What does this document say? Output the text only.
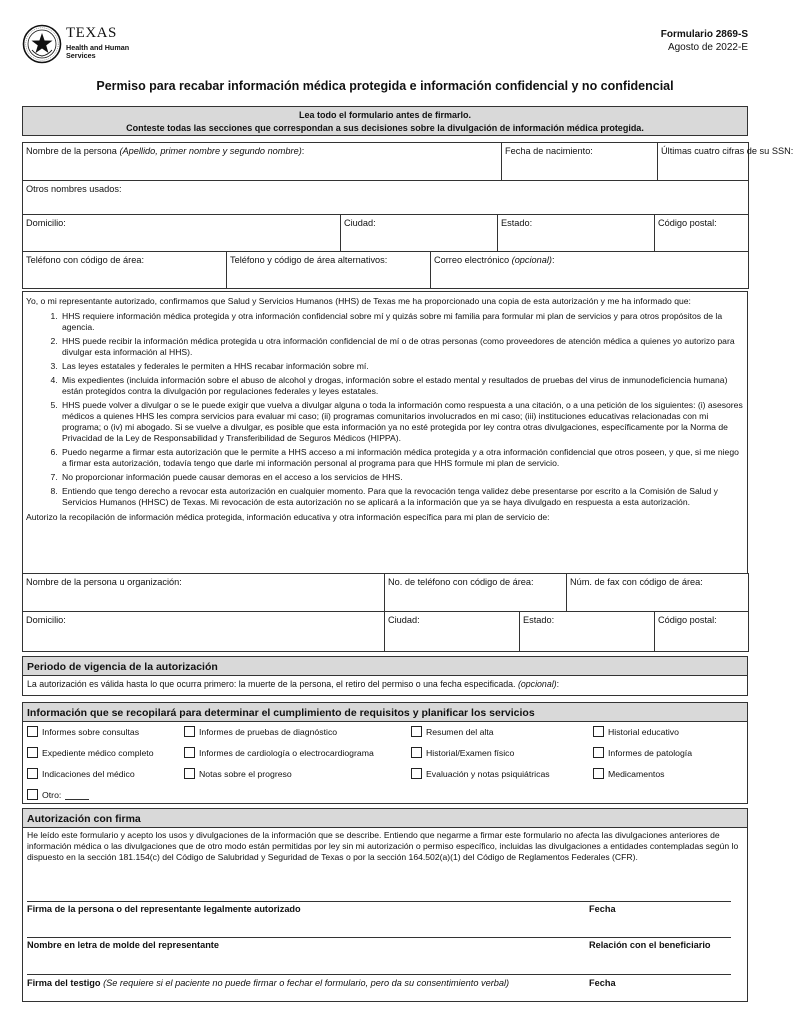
TEXAS
Health and Human
Services
Formulario 2869-S
Agosto de 2022-E
Permiso para recabar información médica protegida e información confidencial y no confidencial
Lea todo el formulario antes de firmarlo.
Conteste todas las secciones que correspondan a sus decisiones sobre la divulgación de información médica protegida.
Nombre de la persona (Apellido, primer nombre y segundo nombre):	Fecha de nacimiento:	Últimas cuatro cifras de su SSN:
Otros nombres usados:
Domicilio:	Ciudad:	Estado:	Código postal:
Teléfono con código de área:	Teléfono y código de área alternativos:	Correo electrónico (opcional):
Yo, o mi representante autorizado, confirmamos que Salud y Servicios Humanos (HHS) de Texas me ha proporcionado una copia de esta autorización y me ha informado que:
1. HHS requiere información médica protegida y otra información confidencial sobre mí y quizás sobre mi familia para formular mi plan de servicios y para otros propósitos de la agencia.
2. HHS puede recibir la información médica protegida u otra información confidencial de mí o de otras personas (como proveedores de atención médica a quienes yo autorizo para divulgar esta información al HHS).
3. Las leyes estatales y federales le permiten a HHS recabar información sobre mí.
4. Mis expedientes (incluida información sobre el abuso de alcohol y drogas, información sobre el estado mental y resultados de pruebas del virus de inmunodeficiencia humana) están protegidos contra la divulgación por regulaciones federales y leyes estatales.
5. HHS puede volver a divulgar o se le puede exigir que vuelva a divulgar alguna o toda la información como respuesta a una citación, o a una petición de los siguientes: (i) asesores médicos a quienes HHS les compra servicios para evaluar mi caso; (ii) programas comunitarios involucrados en mi caso; (iii) instituciones educativas relacionadas con mi programa; o (iv) mi abogado. Si se vuelve a divulgar, es posible que esta información ya no esté protegida por ley contra otras divulgaciones, específicamente por la Norma de Privacidad de la Ley de Responsabilidad y Transferibilidad de Seguros Médicos (HIPPA).
6. Puedo negarme a firmar esta autorización que le permite a HHS acceso a mi información médica protegida y a otra información confidencial que otros poseen, y que, si me niego a firmar esta autorización, todavía tengo que darle mi información personal al programa para que HHS formule mi plan de servicio.
7. No proporcionar información puede causar demoras en el acceso a los servicios de HHS.
8. Entiendo que tengo derecho a revocar esta autorización en cualquier momento. Para que la revocación tenga validez debe presentarse por escrito a la Comisión de Salud y Servicios Humanos (HHSC) de Texas. Mi revocación de esta autorización no se aplicará a la información que ya se haya divulgado en respuesta a esta autorización.
Autorizo la recopilación de información médica protegida, información educativa y otra información específica para mi plan de servicio de:
Nombre de la persona u organización:	No. de teléfono con código de área:	Núm. de fax con código de área:
Domicilio:	Ciudad:	Estado:	Código postal:
Periodo de vigencia de la autorización
La autorización es válida hasta lo que ocurra primero: la muerte de la persona, el retiro del permiso o una fecha especificada. (opcional):
Información que se recopilará para determinar el cumplimiento de requisitos y planificar los servicios
Informes sobre consultas	Informes de pruebas de diagnóstico	Resumen del alta	Historial educativo
Expediente médico completo	Informes de cardiología o electrocardiograma	Historial/Examen físico	Informes de patología
Indicaciones del médico	Notas sobre el progreso	Evaluación y notas psiquiátricas	Medicamentos
Otro:
Autorización con firma
He leído este formulario y acepto los usos y divulgaciones de la información que se describe. Entiendo que negarme a firmar este formulario no afecta las divulgaciones anteriores de información médica o las divulgaciones que de otro modo están permitidas por ley sin mi autorización o permiso específico, incluidas las divulgaciones a entidades contempladas según lo dispuesto en la sección 181.154(c) del Código de Salubridad y Seguridad de Texas o por la sección 164.502(a)(1) del Código de Reglamentos Federales (CFR).
Firma de la persona o del representante legalmente autorizado	Fecha
Nombre en letra de molde del representante	Relación con el beneficiario
Firma del testigo (Se requiere si el paciente no puede firmar o fechar el formulario, pero da su consentimiento verbal)	Fecha
